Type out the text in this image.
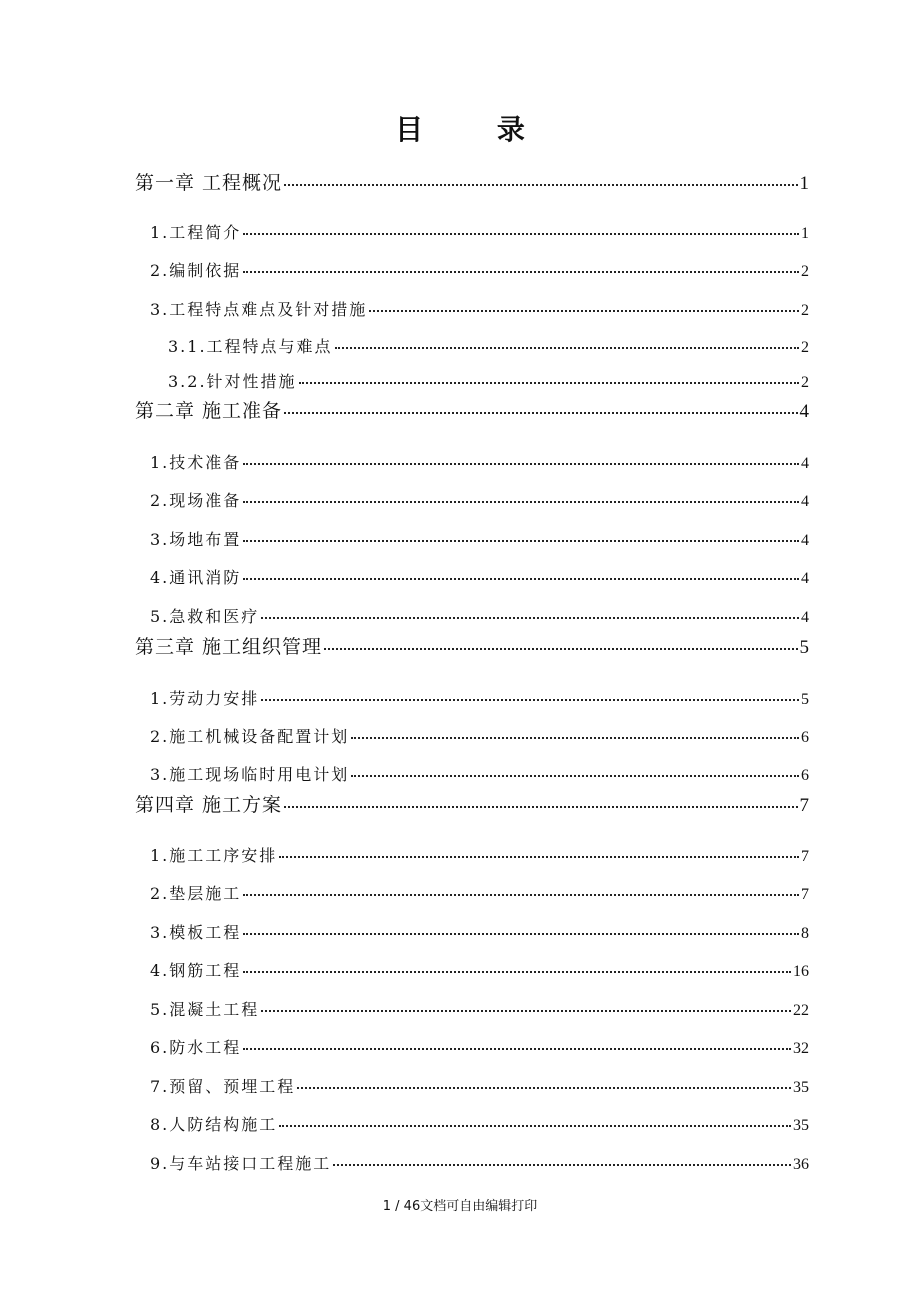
目 录
第一章 工程概况	1
1.工程简介	1
2.编制依据	2
3.工程特点难点及针对措施	2
3.1.工程特点与难点	2
3.2.针对性措施	2
第二章 施工准备	4
1.技术准备	4
2.现场准备	4
3.场地布置	4
4.通讯消防	4
5.急救和医疗	4
第三章 施工组织管理	5
1.劳动力安排	5
2.施工机械设备配置计划	6
3.施工现场临时用电计划	6
第四章 施工方案	7
1.施工工序安排	7
2.垫层施工	7
3.模板工程	8
4.钢筋工程	16
5.混凝土工程	22
6.防水工程	32
7.预留、预埋工程	35
8.人防结构施工	35
9.与车站接口工程施工	36
1 / 46文档可自由编辑打印
